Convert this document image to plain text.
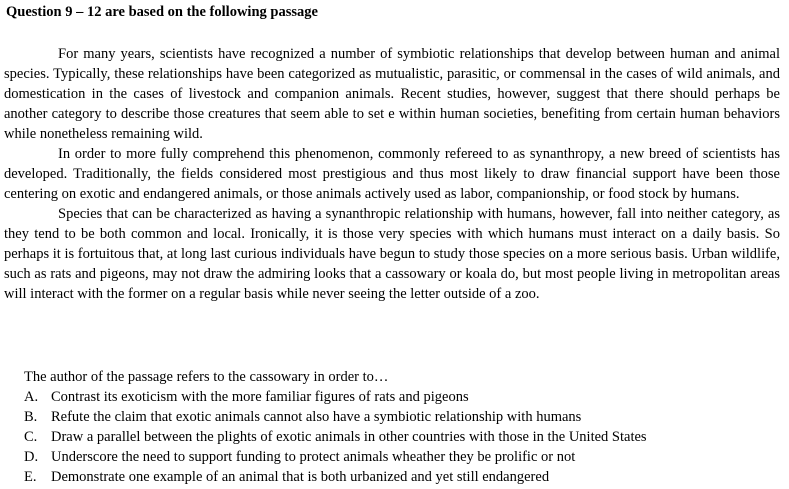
Question 9 – 12 are based on the following passage

For many years, scientists have recognized a number of symbiotic relationships that develop between human and animal species. Typically, these relationships have been categorized as mutualistic, parasitic, or commensal in the cases of wild animals, and domestication in the cases of livestock and companion animals. Recent studies, however, suggest that there should perhaps be another category to describe those creatures that seem able to set e within human societies, benefiting from certain human behaviors while nonetheless remaining wild.

In order to more fully comprehend this phenomenon, commonly refereed to as synanthropy, a new breed of scientists has developed. Traditionally, the fields considered most prestigious and thus most likely to draw financial support have been those centering on exotic and endangered animals, or those animals actively used as labor, companionship, or food stock by humans.

Species that can be characterized as having a synanthropic relationship with humans, however, fall into neither category, as they tend to be both common and local. Ironically, it is those very species with which humans must interact on a daily basis. So perhaps it is fortuitous that, at long last curious individuals have begun to study those species on a more serious basis. Urban wildlife, such as rats and pigeons, may not draw the admiring looks that a cassowary or koala do, but most people living in metropolitan areas will interact with the former on a regular basis while never seeing the letter outside of a zoo.

The author of the passage refers to the cassowary in order to…
A. Contrast its exoticism with the more familiar figures of rats and pigeons
B. Refute the claim that exotic animals cannot also have a symbiotic relationship with humans
C. Draw a parallel between the plights of exotic animals in other countries with those in the United States
D. Underscore the need to support funding to protect animals wheather they be prolific or not
E.	Demonstrate one example of an animal that is both urbanized and yet still endangered
